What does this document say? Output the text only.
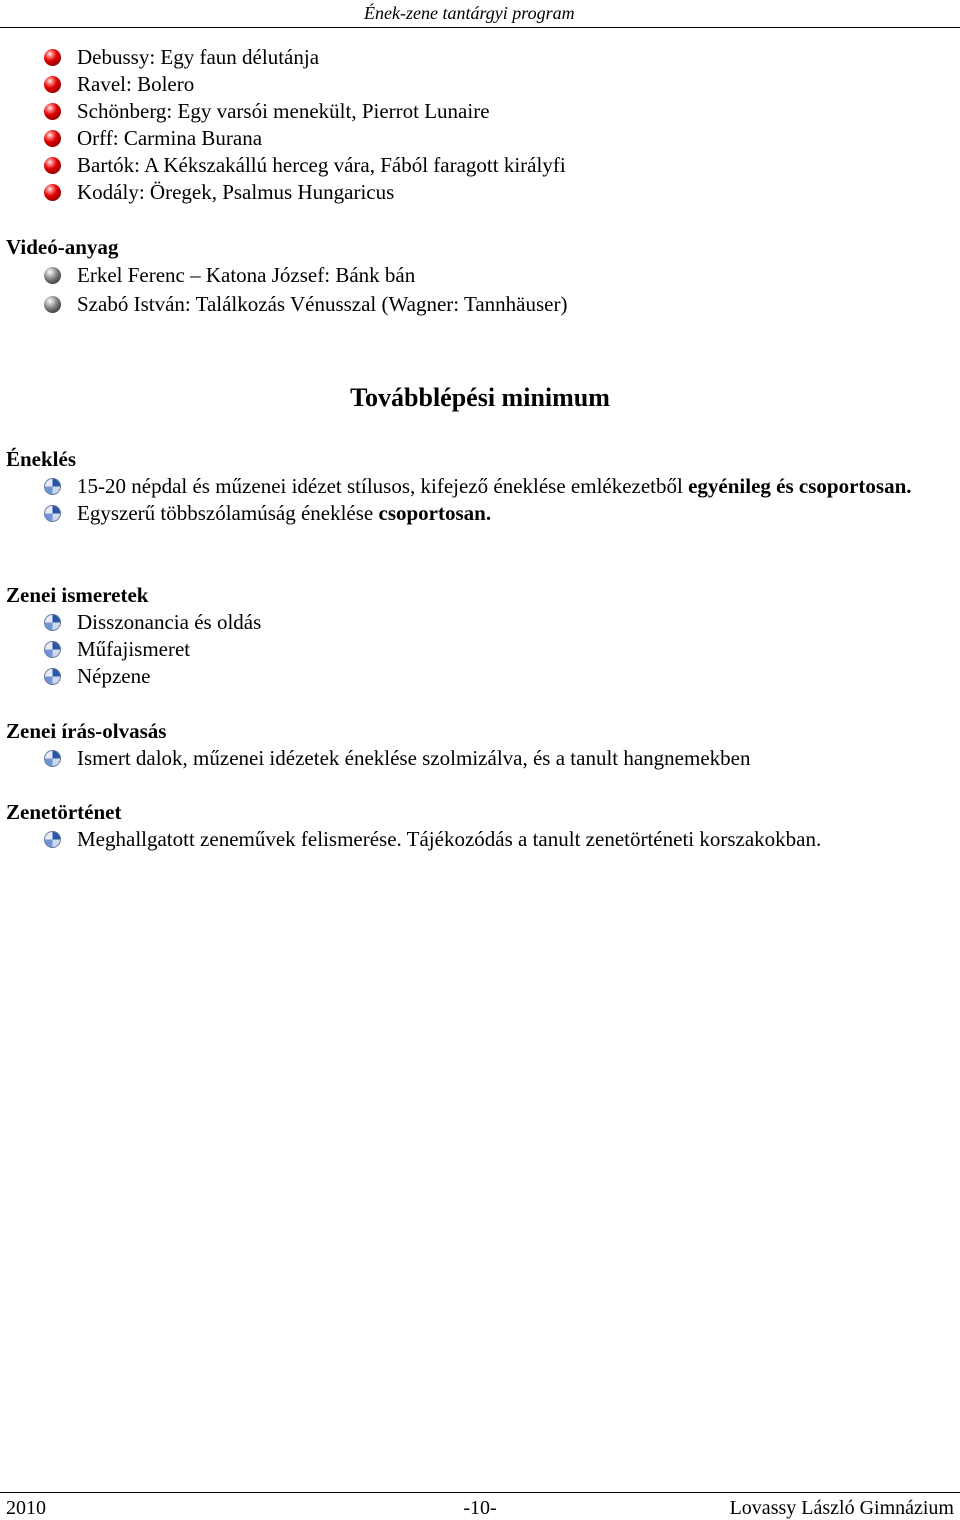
Ének-zene tantárgyi program
Debussy: Egy faun délutánja
Ravel: Bolero
Schönberg: Egy varsói menekült, Pierrot Lunaire
Orff: Carmina Burana
Bartók: A Kékszakállú herceg vára, Fából faragott királyfi
Kodály: Öregek, Psalmus Hungaricus
Videó-anyag
Erkel Ferenc – Katona József: Bánk bán
Szabó István: Találkozás Vénusszal (Wagner: Tannhäuser)
Továbblépési minimum
Éneklés
15-20 népdal és műzenei idézet stílusos, kifejező éneklése emlékezetből egyénileg és csoportosan.
Egyszerű többszólamúság éneklése csoportosan.
Zenei ismeretek
Disszonancia és oldás
Műfajismeret
Népzene
Zenei írás-olvasás
Ismert dalok, műzenei idézetek éneklése szolmizálva, és a tanult hangnemekben
Zenetörténet
Meghallgatott zeneművek felismerése. Tájékozódás a tanult zenetörténeti korszakokban.
2010	-10-	Lovassy László Gimnázium
